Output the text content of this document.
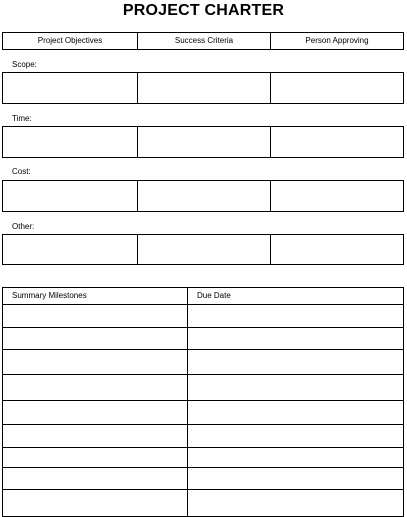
PROJECT CHARTER
Project Objectives	Success Criteria	Person Approving
Scope:
Time:
Cost:
Other:
Summary Milestones	Due Date
